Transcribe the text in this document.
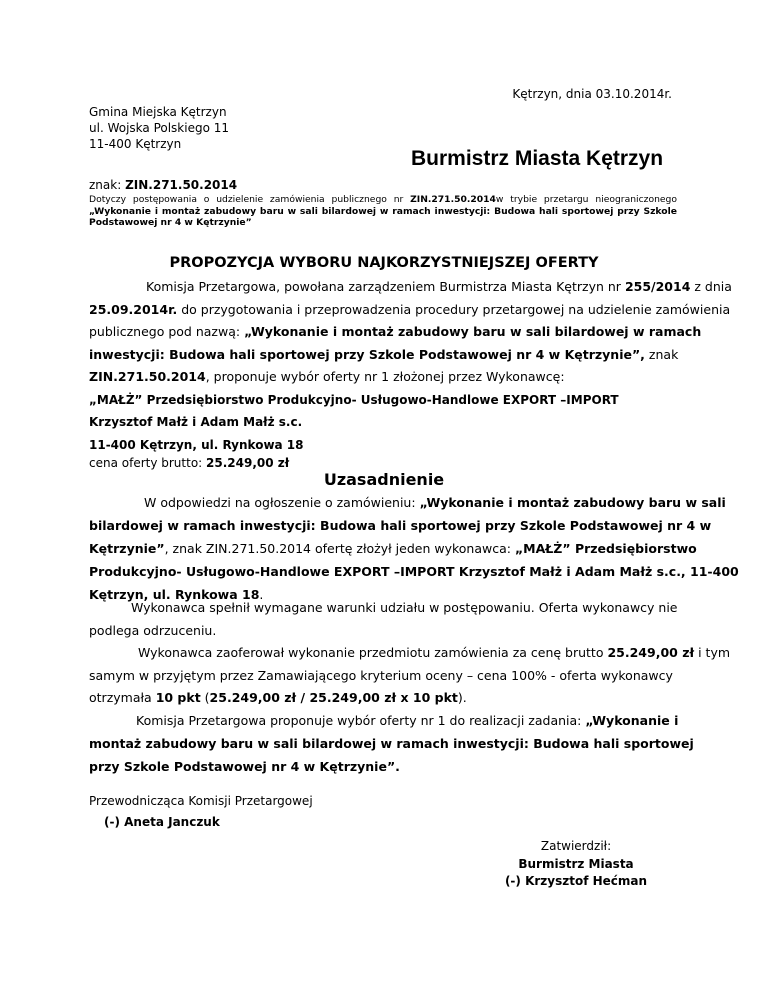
Kętrzyn, dnia 03.10.2014r.
Gmina Miejska Kętrzyn
ul. Wojska Polskiego 11
11-400 Kętrzyn
Burmistrz Miasta Kętrzyn
znak: ZIN.271.50.2014
Dotyczy postępowania o udzielenie zamówienia publicznego nr ZIN.271.50.2014w trybie przetargu nieograniczonego
„Wykonanie i montaż zabudowy baru w sali bilardowej w ramach inwestycji: Budowa hali sportowej przy Szkole
Podstawowej nr 4 w Kętrzynie”
PROPOZYCJA WYBORU NAJKORZYSTNIEJSZEJ OFERTY
Komisja Przetargowa, powołana zarządzeniem Burmistrza Miasta Kętrzyn nr 255/2014 z dnia
25.09.2014r. do przygotowania i przeprowadzenia procedury przetargowej na udzielenie zamówienia
publicznego pod nazwą: „Wykonanie i montaż zabudowy baru w sali bilardowej w ramach
inwestycji: Budowa hali sportowej przy Szkole Podstawowej nr 4 w Kętrzynie”, znak
ZIN.271.50.2014, proponuje wybór oferty nr 1 złożonej przez Wykonawcę:
„MAŁŻ” Przedsiębiorstwo Produkcyjno- Usługowo-Handlowe EXPORT –IMPORT
Krzysztof Małż i Adam Małż s.c.
11-400 Kętrzyn, ul. Rynkowa 18
cena oferty brutto: 25.249,00 zł
Uzasadnienie
W odpowiedzi na ogłoszenie o zamówieniu: „Wykonanie i montaż zabudowy baru w sali
bilardowej w ramach inwestycji: Budowa hali sportowej przy Szkole Podstawowej nr 4 w
Kętrzynie”, znak ZIN.271.50.2014 ofertę złożył jeden wykonawca: „MAŁŻ” Przedsiębiorstwo
Produkcyjno- Usługowo-Handlowe EXPORT –IMPORT Krzysztof Małż i Adam Małż s.c., 11-400
Kętrzyn, ul. Rynkowa 18.
Wykonawca spełnił wymagane warunki udziału w postępowaniu. Oferta wykonawcy nie
podlega odrzuceniu.
Wykonawca zaoferował wykonanie przedmiotu zamówienia za cenę brutto 25.249,00 zł i tym
samym w przyjętym przez Zamawiającego kryterium oceny – cena 100% - oferta wykonawcy
otrzymała 10 pkt (25.249,00 zł / 25.249,00 zł x 10 pkt).
Komisja Przetargowa proponuje wybór oferty nr 1 do realizacji zadania: „Wykonanie i
montaż zabudowy baru w sali bilardowej w ramach inwestycji: Budowa hali sportowej
przy Szkole Podstawowej nr 4 w Kętrzynie”.
Przewodnicząca Komisji Przetargowej
(-) Aneta Janczuk
Zatwierdził:
Burmistrz Miasta
(-) Krzysztof Hećman
